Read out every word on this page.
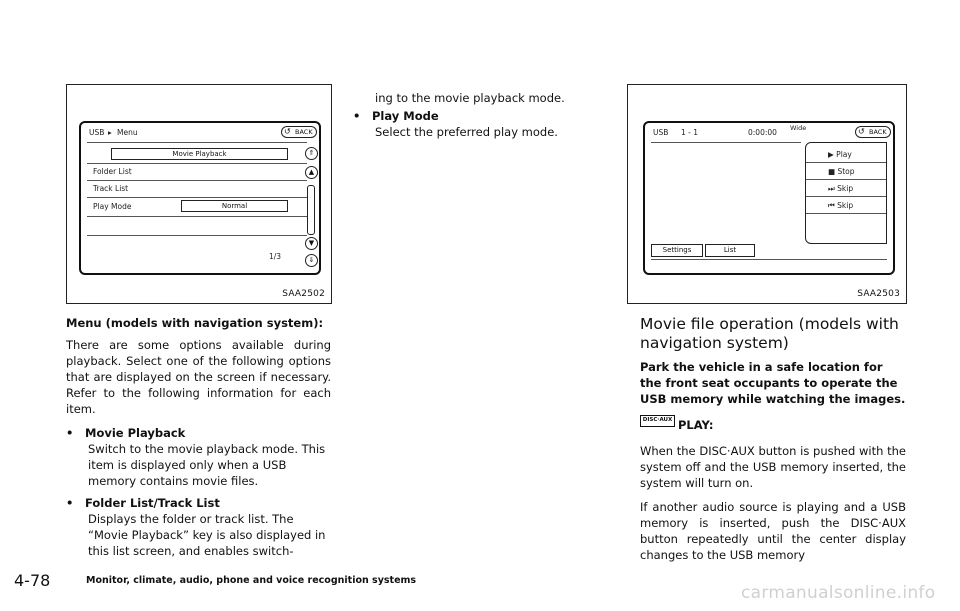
USB ▸ Menu	↺ BACK
Movie Playback
Folder List
Track List
Play Mode	Normal
1/3
⇑
▲
▼
⇓
SAA2502
USB 1 - 1	0:00:00 Wide	↺ BACK
▶ Play
■ Stop
⏭ Skip
⏮ Skip
Settings	List
SAA2503

Menu (models with navigation system):

There are some options available during playback. Select one of the following options that are displayed on the screen if necessary. Refer to the following information for each item.

• Movie Playback

Switch to the movie playback mode. This item is displayed only when a USB memory contains movie files.

• Folder List/Track List

Displays the folder or track list. The “Movie Playback” key is also displayed in this list screen, and enables switch-

ing to the movie playback mode.

• Play Mode

Select the preferred play mode.

Movie file operation (models with navigation system)

Park the vehicle in a safe location for the front seat occupants to operate the USB memory while watching the images.

DISC·AUX PLAY:

When the DISC·AUX button is pushed with the system off and the USB memory inserted, the system will turn on.

If another audio source is playing and a USB memory is inserted, push the DISC·AUX button repeatedly until the center display changes to the USB memory

4-78	Monitor, climate, audio, phone and voice recognition systems
carmanualsonline.info
